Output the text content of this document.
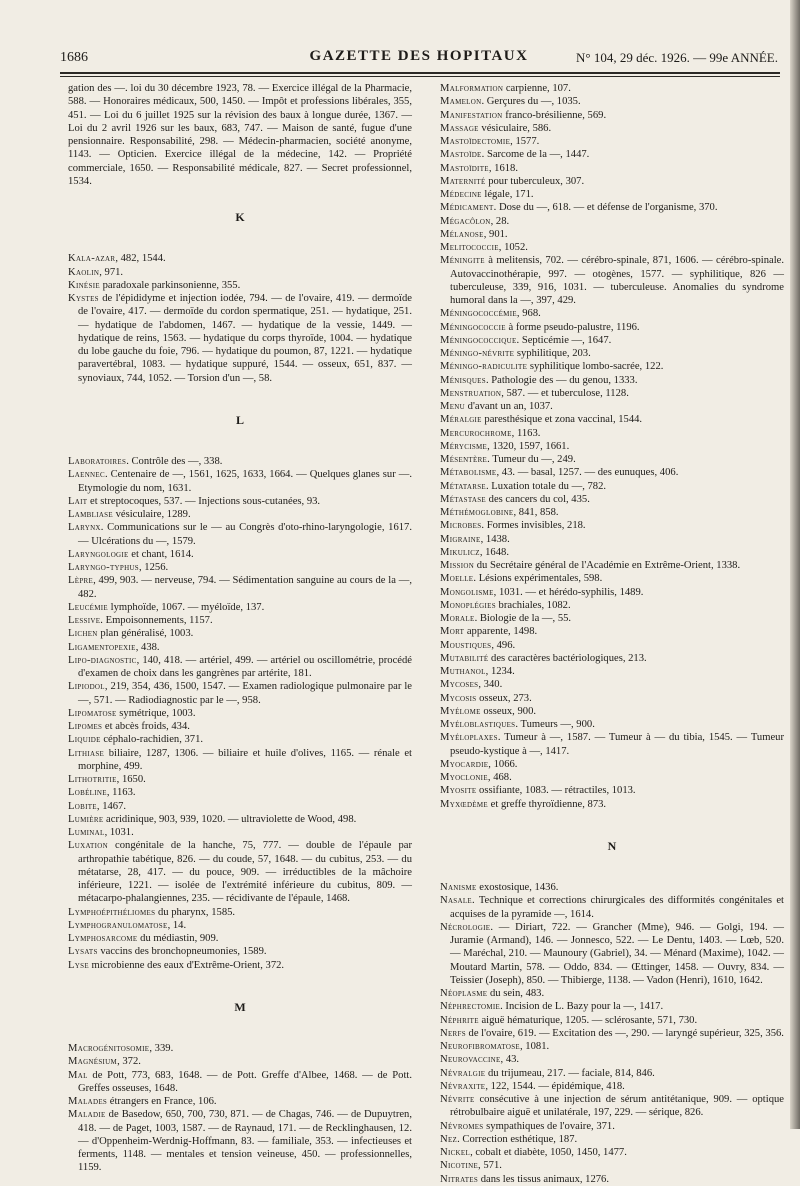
1686	GAZETTE DES HOPITAUX	N° 104, 29 déc. 1926. — 99e ANNÉE.

gation des —. loi du 30 décembre 1923, 78. — Exercice illégal de la Pharmacie, 588. — Honoraires médicaux, 500, 1450. — Impôt et professions libérales, 355, 451. — Loi du 6 juillet 1925 sur la révision des baux à longue durée, 1367. — Loi du 2 avril 1926 sur les baux, 683, 747. — Maison de santé, fugue d'une pensionnaire. Responsabilité, 298. — Médecin-pharmacien, société anonyme, 1143. — Opticien. Exercice illégal de la médecine, 142. — Propriété commerciale, 1650. — Responsabilité médicale, 827. — Secret professionnel, 1534.

K

Kala-azar, 482, 1544.

Kaolin, 971.

Kinésie paradoxale parkinsonienne, 355.

Kystes de l'épididyme et injection iodée, 794. — de l'ovaire, 419. — dermoïde de l'ovaire, 417. — dermoïde du cordon spermatique, 251. — hydatique, 251. — hydatique de l'abdomen, 1467. — hydatique de la vessie, 1449. — hydatique de reins, 1563. — hydatique du corps thyroïde, 1004. — hydatique du lobe gauche du foie, 796. — hydatique du poumon, 87, 1221. — hydatique paravertébral, 1083. — hydatique suppuré, 1544. — osseux, 651, 837. — synoviaux, 744, 1052. — Torsion d'un —, 58.

L

Laboratoires. Contrôle des —, 338.

Laennec. Centenaire de —, 1561, 1625, 1633, 1664. — Quelques glanes sur —. Etymologie du nom, 1631.

Lait et streptocoques, 537. — Injections sous-cutanées, 93.

Lambliase vésiculaire, 1289.

Larynx. Communications sur le — au Congrès d'oto-rhino-laryngologie, 1617. — Ulcérations du —, 1579.

Laryngologie et chant, 1614.

Laryngo-typhus, 1256.

Lèpre, 499, 903. — nerveuse, 794. — Sédimentation sanguine au cours de la —, 482.

Leucémie lymphoïde, 1067. — myéloïde, 137.

Lessive. Empoisonnements, 1157.

Lichen plan généralisé, 1003.

Ligamentopexie, 438.

Lipo-diagnostic, 140, 418. — artériel, 499. — artériel ou oscillométrie, procédé d'examen de choix dans les gangrènes par artérite, 181.

Lipiodol, 219, 354, 436, 1500, 1547. — Examen radiologique pulmonaire par le —, 571. — Radiodiagnostic par le —, 958.

Lipomatose symétrique, 1003.

Lipomes et abcès froids, 434.

Liquide céphalo-rachidien, 371.

Lithiase biliaire, 1287, 1306. — biliaire et huile d'olives, 1165. — rénale et morphine, 499.

Lithotritie, 1650.

Lobéline, 1163.

Lobite, 1467.

Lumière acridinique, 903, 939, 1020. — ultraviolette de Wood, 498.

Luminal, 1031.

Luxation congénitale de la hanche, 75, 777. — double de l'épaule par arthropathie tabétique, 826. — du coude, 57, 1648. — du cubitus, 253. — du métatarse, 28, 417. — du pouce, 909. — irréductibles de la mâchoire inférieure, 1221. — isolée de l'extrémité inférieure du cubitus, 809. — métacarpo-phalangiennes, 235. — récidivante de l'épaule, 1468.

Lymphoépithéliomes du pharynx, 1585.

Lymphogranulomatose, 14.

Lymphosarcome du médiastin, 909.

Lysats vaccins des bronchopneumonies, 1589.

Lyse microbienne des eaux d'Extrême-Orient, 372.

M

Macrogénitosomie, 339.

Magnésium, 372.

Mal de Pott, 773, 683, 1648. — de Pott. Greffe d'Albee, 1468. — de Pott. Greffes osseuses, 1648.

Malades étrangers en France, 106.

Maladie de Basedow, 650, 700, 730, 871. — de Chagas, 746. — de Dupuytren, 418. — de Paget, 1003, 1587. — de Raynaud, 171. — de Recklinghausen, 12. — d'Oppenheim-Werdnig-Hoffmann, 83. — familiale, 353. — infectieuses et ferments, 1148. — mentales et tension veineuse, 450. — professionnelles, 1159.

Malformation carpienne, 107.

Mamelon. Gerçures du —, 1035.

Manifestation franco-brésilienne, 569.

Massage vésiculaire, 586.

Mastoïdectomie, 1577.

Mastoïde. Sarcome de la —, 1447.

Mastoïdite, 1618.

Maternité pour tuberculeux, 307.

Médecine légale, 171.

Médicament. Dose du —, 618. — et défense de l'organisme, 370.

Mégacôlon, 28.

Mélanose, 901.

Melitococcie, 1052.

Méningite à melitensis, 702. — cérébro-spinale, 871, 1606. — cérébro-spinale. Autovaccinothérapie, 997. — otogènes, 1577. — syphilitique, 826 — tuberculeuse, 339, 916, 1031. — tuberculeuse. Anomalies du syndrome humoral dans la —, 397, 429.

Méningococcémie, 968.

Méningococcie à forme pseudo-palustre, 1196.

Méningococcique. Septicémie —, 1647.

Méningo-névrite syphilitique, 203.

Méningo-radiculite syphilitique lombo-sacrée, 122.

Ménisques. Pathologie des — du genou, 1333.

Menstruation, 587. — et tuberculose, 1128.

Menu d'avant un an, 1037.

Méralgie paresthésique et zona vaccinal, 1544.

Mercurochrome, 1163.

Mérycisme, 1320, 1597, 1661.

Mésentère. Tumeur du —, 249.

Métabolisme, 43. — basal, 1257. — des eunuques, 406.

Métatarse. Luxation totale du —, 782.

Métastase des cancers du col, 435.

Méthémoglobine, 841, 858.

Microbes. Formes invisibles, 218.

Migraine, 1438.

Mikulicz, 1648.

Mission du Secrétaire général de l'Académie en Extrême-Orient, 1338.

Moelle. Lésions expérimentales, 598.

Mongolisme, 1031. — et hérédo-syphilis, 1489.

Monoplégies brachiales, 1082.

Morale. Biologie de la —, 55.

Mort apparente, 1498.

Moustiques, 496.

Mutabilité des caractères bactériologiques, 213.

Muthanol, 1234.

Mycoses, 340.

Mycosis osseux, 273.

Myélome osseux, 900.

Myéloblastiques. Tumeurs —, 900.

Myéloplaxes. Tumeur à —, 1587. — Tumeur à — du tibia, 1545. — Tumeur pseudo-kystique à —, 1417.

Myocardie, 1066.

Myoclonie, 468.

Myosite ossifiante, 1083. — rétractiles, 1013.

Myxœdème et greffe thyroïdienne, 873.

N

Nanisme exostosique, 1436.

Nasale. Technique et corrections chirurgicales des difformités congénitales et acquises de la pyramide —, 1614.

Nécrologie. — Diriart, 722. — Grancher (Mme), 946. — Golgi, 194. — Juramie (Armand), 146. — Jonnesco, 522. — Le Dentu, 1403. — Lœb, 520. — Maréchal, 210. — Maunoury (Gabriel), 34. — Ménard (Maxime), 1042. — Moutard Martin, 578. — Oddo, 834. — Œttinger, 1458. — Ouvry, 834. — Teissier (Joseph), 850. — Thibierge, 1138. — Vadon (Henri), 1610, 1642.

Néoplasme du sein, 483.

Néphrectomie. Incision de L. Bazy pour la —, 1417.

Néphrite aiguë hématurique, 1205. — sclérosante, 571, 730.

Nerfs de l'ovaire, 619. — Excitation des —, 290. — laryngé supérieur, 325, 356.

Neurofibromatose, 1081.

Neurovaccine, 43.

Névralgie du trijumeau, 217. — faciale, 814, 846.

Névraxite, 122, 1544. — épidémique, 418.

Névrite consécutive à une injection de sérum antitétanique, 909. — optique rétrobulbaire aiguë et unilatérale, 197, 229. — sérique, 826.

Névromes sympathiques de l'ovaire, 371.

Nez. Correction esthétique, 187.

Nickel, cobalt et diabète, 1050, 1450, 1477.

Nicotine, 571.

Nitrates dans les tissus animaux, 1276.
